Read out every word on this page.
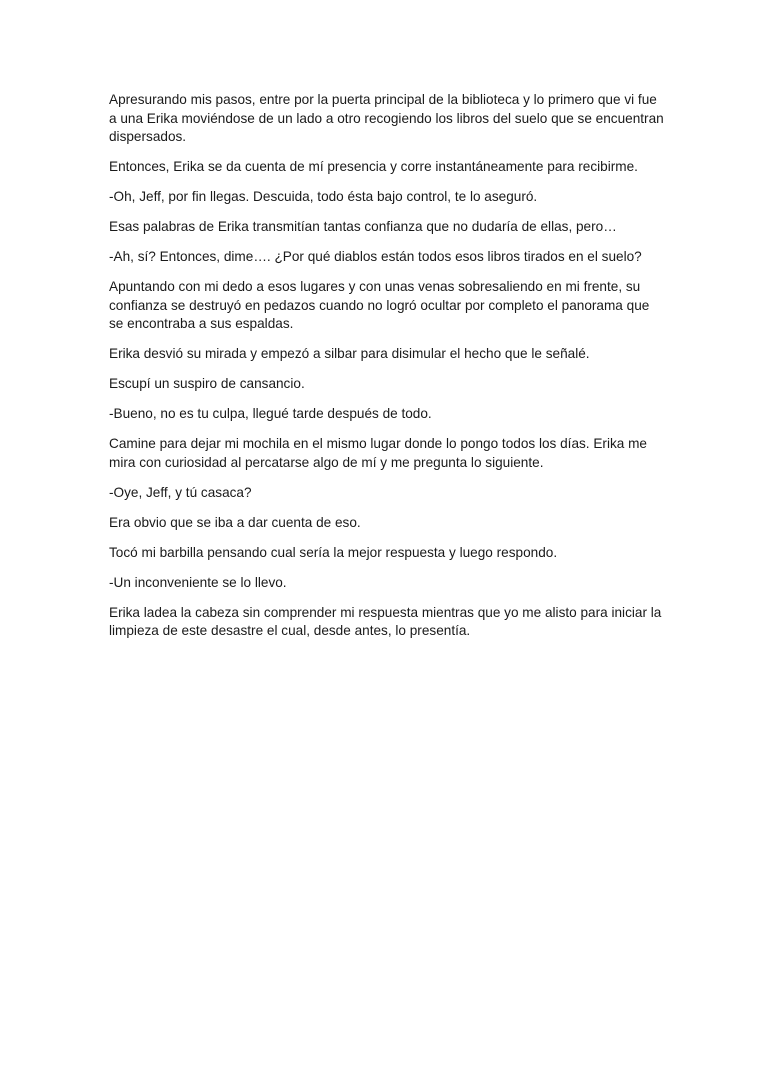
Apresurando mis pasos, entre por la puerta principal de la biblioteca y lo primero que vi fue a una Erika moviéndose de un lado a otro recogiendo los libros del suelo que se encuentran dispersados.

Entonces, Erika se da cuenta de mí presencia y corre instantáneamente para recibirme.

-Oh, Jeff, por fin llegas. Descuida, todo ésta bajo control, te lo aseguró.

Esas palabras de Erika transmitían tantas confianza que no dudaría de ellas, pero…

-Ah, sí? Entonces, dime…. ¿Por qué diablos están todos esos libros tirados en el suelo?

Apuntando con mi dedo a esos lugares y con unas venas sobresaliendo en mi frente, su confianza se destruyó en pedazos cuando no logró ocultar por completo el panorama que se encontraba a sus espaldas.

Erika desvió su mirada y empezó a silbar para disimular el hecho que le señalé.

Escupí un suspiro de cansancio.

-Bueno, no es tu culpa, llegué tarde después de todo.

Camine para dejar mi mochila en el mismo lugar donde lo pongo todos los días. Erika me mira con curiosidad al percatarse algo de mí y me pregunta lo siguiente.

-Oye, Jeff, y tú casaca?

Era obvio que se iba a dar cuenta de eso.

Tocó mi barbilla pensando cual sería la mejor respuesta y luego respondo.

-Un inconveniente se lo llevo.

Erika ladea la cabeza sin comprender mi respuesta mientras que yo me alisto para iniciar la limpieza de este desastre el cual, desde antes, lo presentía.
